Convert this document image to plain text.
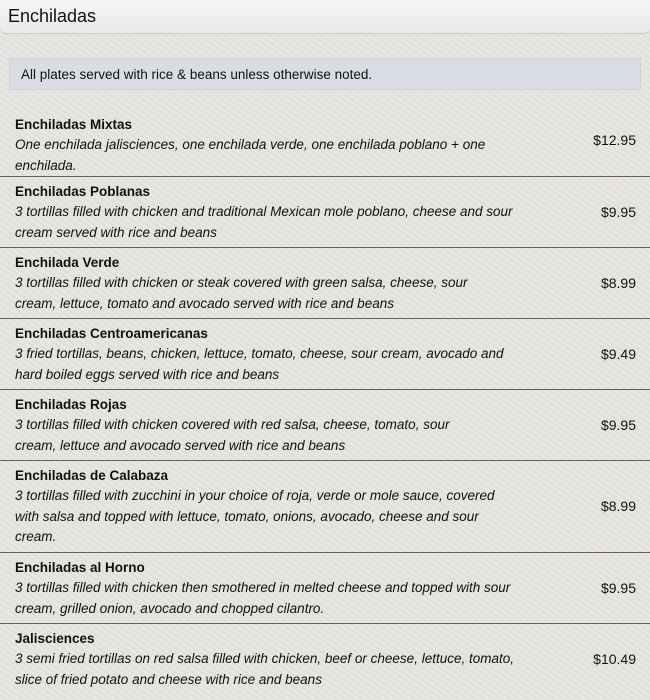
Enchiladas
All plates served with rice & beans unless otherwise noted.
Enchiladas Mixtas
One enchilada jalisciences, one enchilada verde, one enchilada poblano + one enchilada.
$12.95
Enchiladas Poblanas
3 tortillas filled with chicken and traditional Mexican mole poblano, cheese and sour cream served with rice and beans
$9.95
Enchilada Verde
3 tortillas filled with chicken or steak covered with green salsa, cheese, sour cream, lettuce, tomato and avocado served with rice and beans
$8.99
Enchiladas Centroamericanas
3 fried tortillas, beans, chicken, lettuce, tomato, cheese, sour cream, avocado and hard boiled eggs served with rice and beans
$9.49
Enchiladas Rojas
3 tortillas filled with chicken covered with red salsa, cheese, tomato, sour cream, lettuce and avocado served with rice and beans
$9.95
Enchiladas de Calabaza
3 tortillas filled with zucchini in your choice of roja, verde or mole sauce, covered with salsa and topped with lettuce, tomato, onions, avocado, cheese and sour cream.
$8.99
Enchiladas al Horno
3 tortillas filled with chicken then smothered in melted cheese and topped with sour cream, grilled onion, avocado and chopped cilantro.
$9.95
Jalisciences
3 semi fried tortillas on red salsa filled with chicken, beef or cheese, lettuce, tomato, slice of fried potato and cheese with rice and beans
$10.49
